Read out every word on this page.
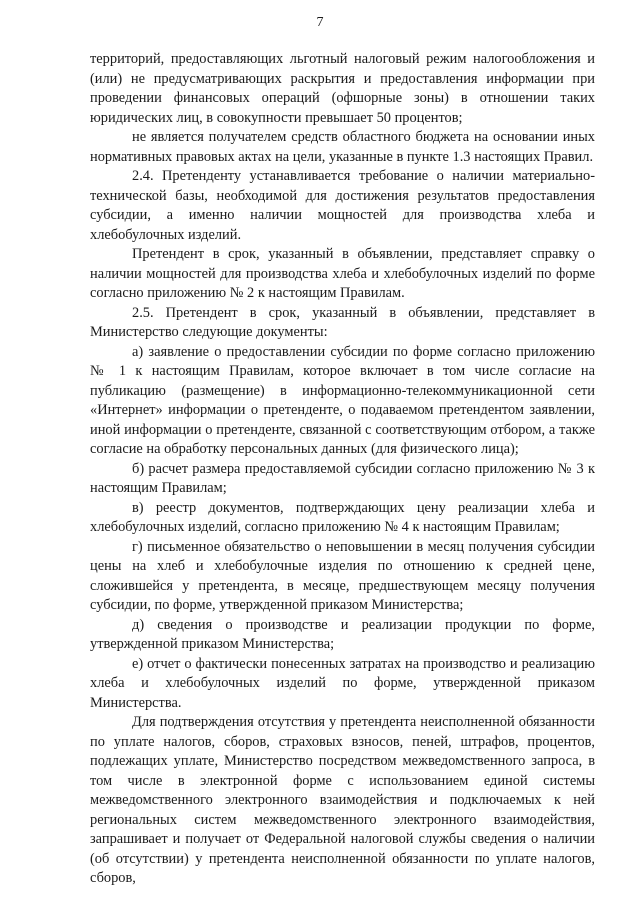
7

территорий, предоставляющих льготный налоговый режим налогообложения и (или) не предусматривающих раскрытия и предоставления информации при проведении финансовых операций (офшорные зоны) в отношении таких юридических лиц, в совокупности превышает 50 процентов;

не является получателем средств областного бюджета на основании иных нормативных правовых актах на цели, указанные в пункте 1.3 настоящих Правил.

2.4. Претенденту устанавливается требование о наличии материально-технической базы, необходимой для достижения результатов предоставления субсидии, а именно наличии мощностей для производства хлеба и хлебобулочных изделий.

Претендент в срок, указанный в объявлении, представляет справку о наличии мощностей для производства хлеба и хлебобулочных изделий по форме согласно приложению № 2 к настоящим Правилам.

2.5. Претендент в срок, указанный в объявлении, представляет в Министерство следующие документы:

а) заявление о предоставлении субсидии по форме согласно приложению № 1 к настоящим Правилам, которое включает в том числе согласие на публикацию (размещение) в информационно-телекоммуникационной сети «Интернет» информации о претенденте, о подаваемом претендентом заявлении, иной информации о претенденте, связанной с соответствующим отбором, а также согласие на обработку персональных данных (для физического лица);

б) расчет размера предоставляемой субсидии согласно приложению № 3 к настоящим Правилам;

в) реестр документов, подтверждающих цену реализации хлеба и хлебобулочных изделий, согласно приложению № 4 к настоящим Правилам;

г) письменное обязательство о неповышении в месяц получения субсидии цены на хлеб и хлебобулочные изделия по отношению к средней цене, сложившейся у претендента, в месяце, предшествующем месяцу получения субсидии, по форме, утвержденной приказом Министерства;

д) сведения о производстве и реализации продукции по форме, утвержденной приказом Министерства;

е) отчет о фактически понесенных затратах на производство и реализацию хлеба и хлебобулочных изделий по форме, утвержденной приказом Министерства.

Для подтверждения отсутствия у претендента неисполненной обязанности по уплате налогов, сборов, страховых взносов, пеней, штрафов, процентов, подлежащих уплате, Министерство посредством межведомственного запроса, в том числе в электронной форме с использованием единой системы межведомственного электронного взаимодействия и подключаемых к ней региональных систем межведомственного электронного взаимодействия, запрашивает и получает от Федеральной налоговой службы сведения о наличии (об отсутствии) у претендента неисполненной обязанности по уплате налогов, сборов,
